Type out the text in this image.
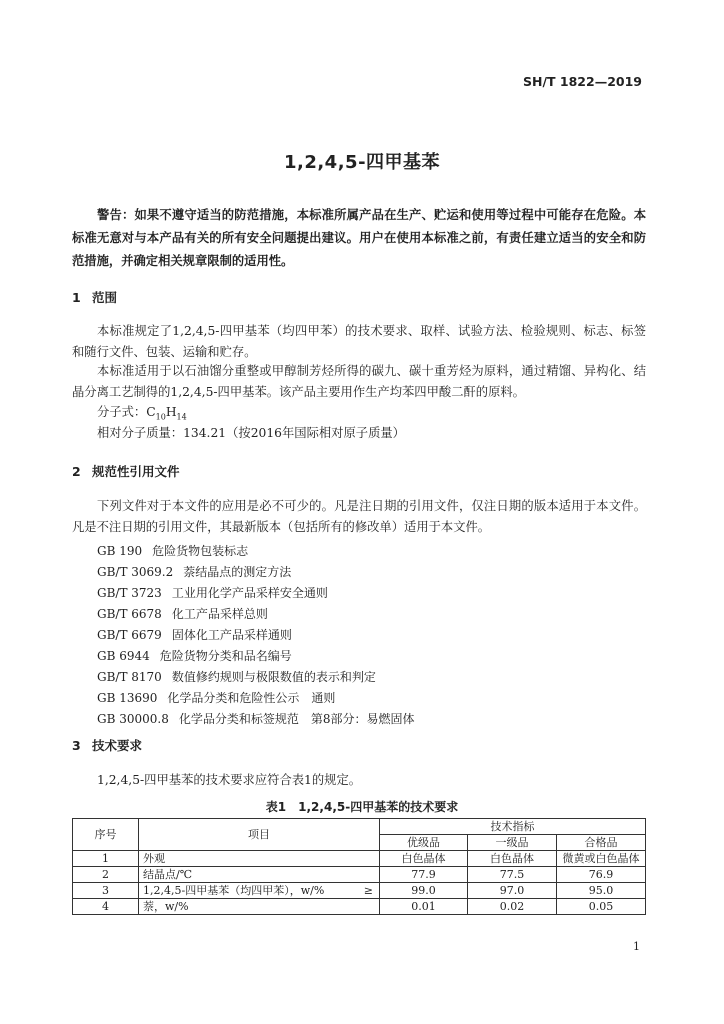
SH/T 1822—2019
1,2,4,5-四甲基苯
警告：如果不遵守适当的防范措施，本标准所属产品在生产、贮运和使用等过程中可能存在危险。本标准无意对与本产品有关的所有安全问题提出建议。用户在使用本标准之前，有责任建立适当的安全和防范措施，并确定相关规章限制的适用性。
1 范围
本标准规定了1,2,4,5-四甲基苯（均四甲苯）的技术要求、取样、试验方法、检验规则、标志、标签和随行文件、包装、运输和贮存。
本标准适用于以石油馏分重整或甲醇制芳烃所得的碳九、碳十重芳烃为原料，通过精馏、异构化、结晶分离工艺制得的1,2,4,5-四甲基苯。该产品主要用作生产均苯四甲酸二酐的原料。
分子式：$C_{10}H_{14}$
相对分子质量：134.21（按2016年国际相对原子质量）
2 规范性引用文件
下列文件对于本文件的应用是必不可少的。凡是注日期的引用文件，仅注日期的版本适用于本文件。凡是不注日期的引用文件，其最新版本（包括所有的修改单）适用于本文件。
GB 190 危险货物包装标志
GB/T 3069.2 萘结晶点的测定方法
GB/T 3723 工业用化学产品采样安全通则
GB/T 6678 化工产品采样总则
GB/T 6679 固体化工产品采样通则
GB 6944 危险货物分类和品名编号
GB/T 8170 数值修约规则与极限数值的表示和判定
GB 13690 化学品分类和危险性公示　通则
GB 30000.8 化学品分类和标签规范　第8部分：易燃固体
3 技术要求
1,2,4,5-四甲基苯的技术要求应符合表1的规定。
表1　1,2,4,5-四甲基苯的技术要求
序号	项目	技术指标		
		优级品	一级品	合格品
1	外观	白色晶体	白色晶体	微黄或白色晶体
2	结晶点/℃	77.9	77.5	76.9
3	1,2,4,5-四甲基苯（均四甲苯），w/% ≥	99.0	97.0	95.0
4	萘，w/%	0.01	0.02	0.05
1
